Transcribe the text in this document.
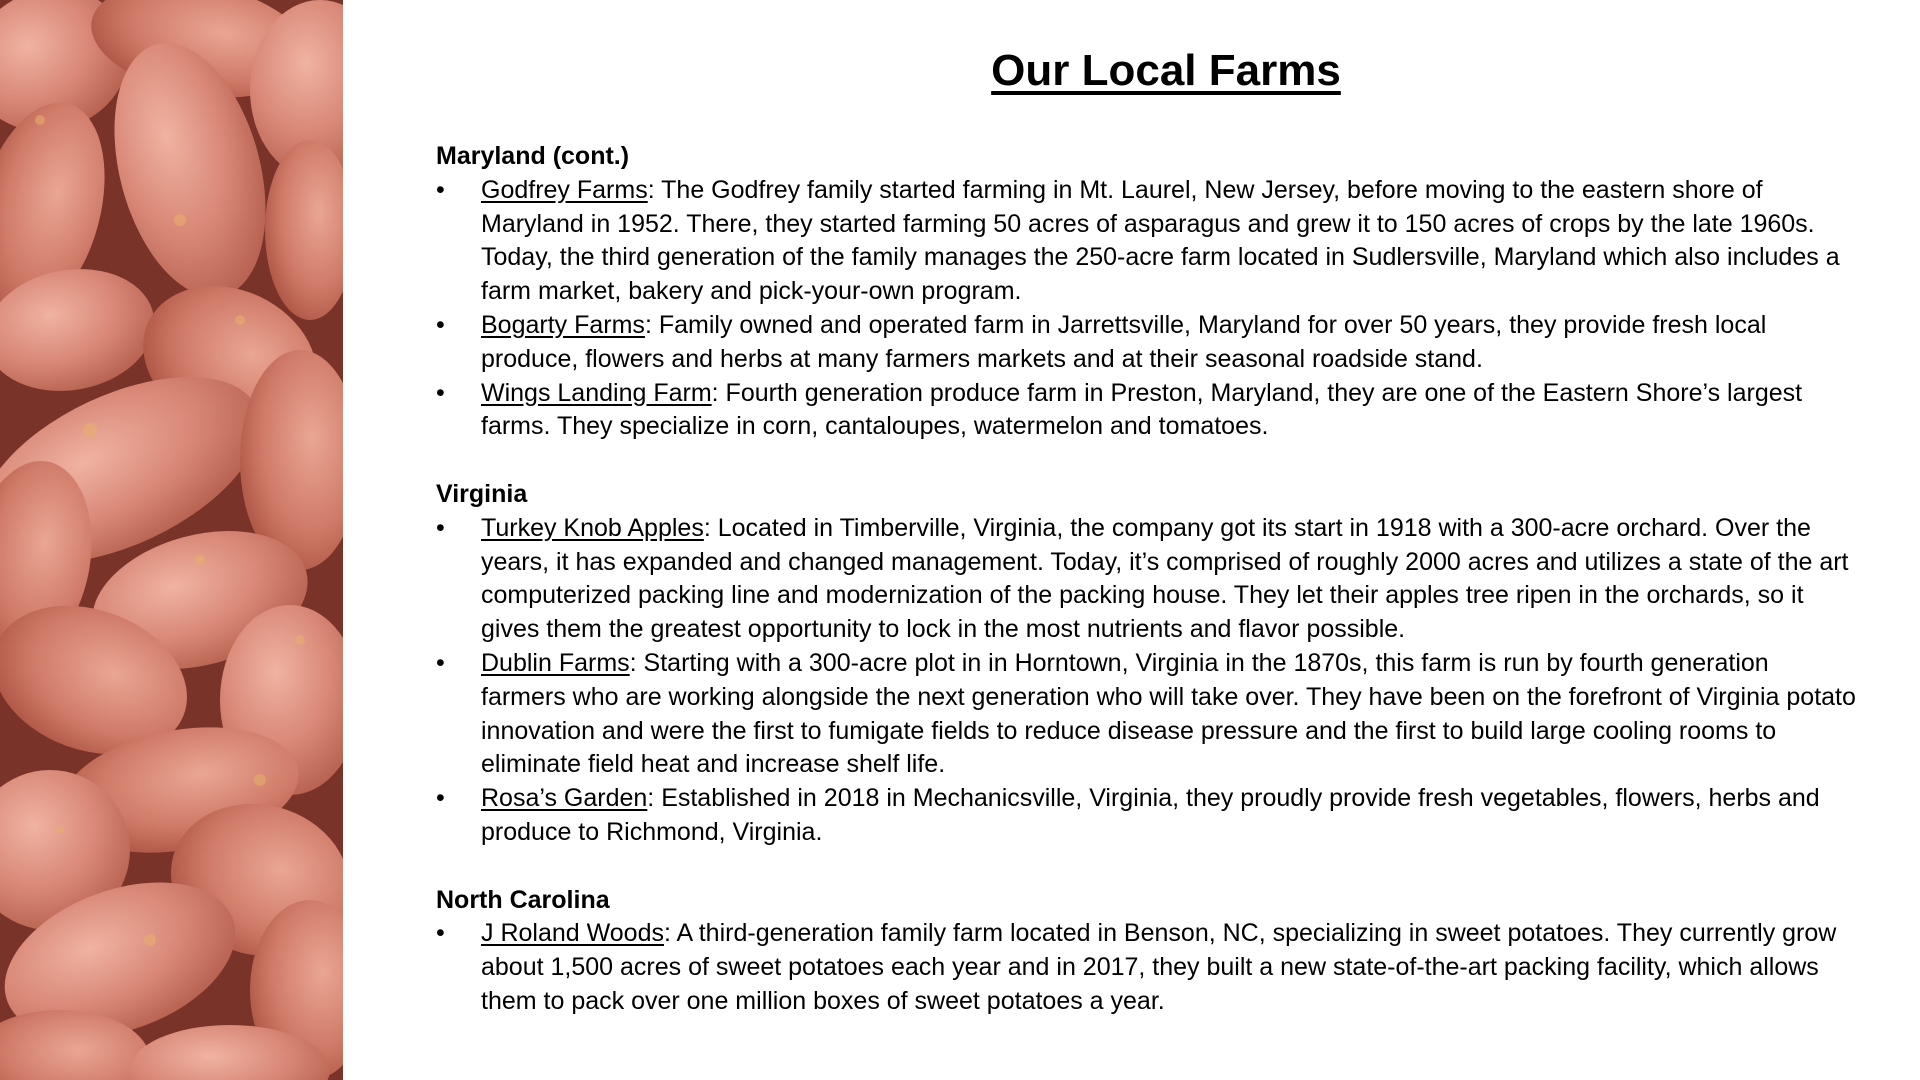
Our Local Farms

Maryland (cont.)

•	Godfrey Farms: The Godfrey family started farming in Mt. Laurel, New Jersey, before moving to the eastern shore of Maryland in 1952. There, they started farming 50 acres of asparagus and grew it to 150 acres of crops by the late 1960s. Today, the third generation of the family manages the 250-acre farm located in Sudlersville, Maryland which also includes a farm market, bakery and pick-your-own program.
•	Bogarty Farms: Family owned and operated farm in Jarrettsville, Maryland for over 50 years, they provide fresh local produce, flowers and herbs at many farmers markets and at their seasonal roadside stand.
•	Wings Landing Farm: Fourth generation produce farm in Preston, Maryland, they are one of the Eastern Shore’s largest farms. They specialize in corn, cantaloupes, watermelon and tomatoes.

Virginia

•	Turkey Knob Apples: Located in Timberville, Virginia, the company got its start in 1918 with a 300-acre orchard. Over the years, it has expanded and changed management. Today, it’s comprised of roughly 2000 acres and utilizes a state of the art computerized packing line and modernization of the packing house. They let their apples tree ripen in the orchards, so it gives them the greatest opportunity to lock in the most nutrients and flavor possible.
•	Dublin Farms: Starting with a 300-acre plot in in Horntown, Virginia in the 1870s, this farm is run by fourth generation farmers who are working alongside the next generation who will take over. They have been on the forefront of Virginia potato innovation and were the first to fumigate fields to reduce disease pressure and the first to build large cooling rooms to eliminate field heat and increase shelf life.
•	Rosa’s Garden: Established in 2018 in Mechanicsville, Virginia, they proudly provide fresh vegetables, flowers, herbs and produce to Richmond, Virginia.

North Carolina

•	J Roland Woods: A third-generation family farm located in Benson, NC, specializing in sweet potatoes. They currently grow about 1,500 acres of sweet potatoes each year and in 2017, they built a new state-of-the-art packing facility, which allows them to pack over one million boxes of sweet potatoes a year.
